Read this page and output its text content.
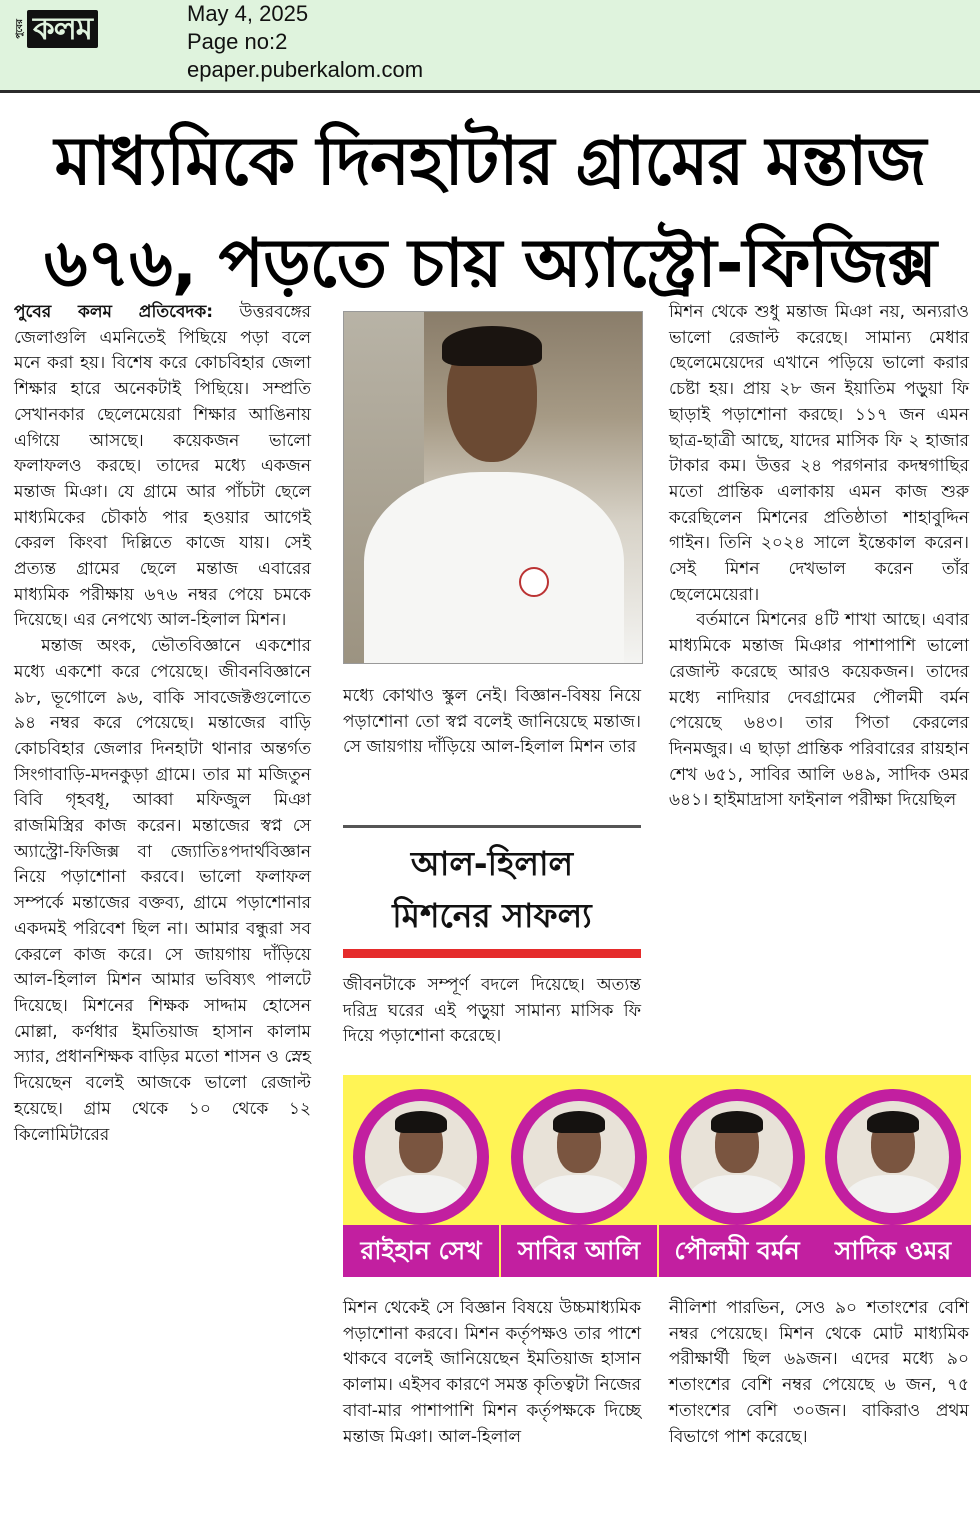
পুবের কলম	May 4, 2025
Page no:2
epaper.puberkalom.com
মাধ্যমিকে দিনহাটার গ্রামের মন্তাজ
৬৭৬, পড়তে চায় অ্যাস্ট্রো-ফিজিক্স

পুবের কলম প্রতিবেদক: উত্তরবঙ্গের জেলাগুলি এমনিতেই পিছিয়ে পড়া বলে মনে করা হয়। বিশেষ করে কোচবিহার জেলা শিক্ষার হারে অনেকটাই পিছিয়ে। সম্প্রতি সেখানকার ছেলেমেয়েরা শিক্ষার আঙিনায় এগিয়ে আসছে। কয়েকজন ভালো ফলাফলও করছে। তাদের মধ্যে একজন মন্তাজ মিঞা। যে গ্রামে আর পাঁচটা ছেলে মাধ্যমিকের চৌকাঠ পার হওয়ার আগেই কেরল কিংবা দিল্লিতে কাজে যায়। সেই প্রত্যন্ত গ্রামের ছেলে মন্তাজ এবারের মাধ্যমিক পরীক্ষায় ৬৭৬ নম্বর পেয়ে চমকে দিয়েছে। এর নেপথ্যে আল-হিলাল মিশন।

মন্তাজ অংক, ভৌতবিজ্ঞানে একশোর মধ্যে একশো করে পেয়েছে। জীবনবিজ্ঞানে ৯৮, ভূগোলে ৯৬, বাকি সাবজেক্টগুলোতে ৯৪ নম্বর করে পেয়েছে। মন্তাজের বাড়ি কোচবিহার জেলার দিনহাটা থানার অন্তর্গত সিংগাবাড়ি-মদনকুড়া গ্রামে। তার মা মজিতুন বিবি গৃহবধূ, আব্বা মফিজুল মিঞা রাজমিস্ত্রির কাজ করেন। মন্তাজের স্বপ্ন সে অ্যাস্ট্রো-ফিজিক্স বা জ্যোতিঃপদার্থবিজ্ঞান নিয়ে পড়াশোনা করবে। ভালো ফলাফল সম্পর্কে মন্তাজের বক্তব্য, গ্রামে পড়াশোনার একদমই পরিবেশ ছিল না। আমার বন্ধুরা সব কেরলে কাজ করে। সে জায়গায় দাঁড়িয়ে আল-হিলাল মিশন আমার ভবিষ্যৎ পালটে দিয়েছে। মিশনের শিক্ষক সাদ্দাম হোসেন মোল্লা, কর্ণধার ইমতিয়াজ হাসান কালাম স্যার, প্রধানশিক্ষক বাড়ির মতো শাসন ও স্নেহ দিয়েছেন বলেই আজকে ভালো রেজাল্ট হয়েছে। গ্রাম থেকে ১০ থেকে ১২ কিলোমিটারের

মধ্যে কোথাও স্কুল নেই। বিজ্ঞান-বিষয় নিয়ে পড়াশোনা তো স্বপ্ন বলেই জানিয়েছে মন্তাজ। সে জায়গায় দাঁড়িয়ে আল-হিলাল মিশন তার

আল-হিলাল
মিশনের সাফল্য

জীবনটাকে সম্পূর্ণ বদলে দিয়েছে। অত্যন্ত দরিদ্র ঘরের এই পড়ুয়া সামান্য মাসিক ফি দিয়ে পড়াশোনা করেছে।

মিশন থেকে শুধু মন্তাজ মিঞা নয়, অন্যরাও ভালো রেজাল্ট করেছে। সামান্য মেধার ছেলেমেয়েদের এখানে পড়িয়ে ভালো করার চেষ্টা হয়। প্রায় ২৮ জন ইয়াতিম পড়ুয়া ফি ছাড়াই পড়াশোনা করছে। ১১৭ জন এমন ছাত্র-ছাত্রী আছে, যাদের মাসিক ফি ২ হাজার টাকার কম। উত্তর ২৪ পরগনার কদম্বগাছির মতো প্রান্তিক এলাকায় এমন কাজ শুরু করেছিলেন মিশনের প্রতিষ্ঠাতা শাহাবুদ্দিন গাইন। তিনি ২০২৪ সালে ইন্তেকাল করেন। সেই মিশন দেখভাল করেন তাঁর ছেলেমেয়েরা।

বর্তমানে মিশনের ৪টি শাখা আছে। এবার মাধ্যমিকে মন্তাজ মিঞার পাশাপাশি ভালো রেজাল্ট করেছে আরও কয়েকজন। তাদের মধ্যে নাদিয়ার দেবগ্রামের পৌলমী বর্মন পেয়েছে ৬৪৩। তার পিতা কেরলের দিনমজুর। এ ছাড়া প্রান্তিক পরিবারের রায়হান শেখ ৬৫১, সাবির আলি ৬৪৯, সাদিক ওমর ৬৪১। হাইমাদ্রাসা ফাইনাল পরীক্ষা দিয়েছিল

রাইহান সেখ	সাবির আলি	পৌলমী বর্মন	সাদিক ওমর

মিশন থেকেই সে বিজ্ঞান বিষয়ে উচ্চমাধ্যমিক পড়াশোনা করবে। মিশন কর্তৃপক্ষও তার পাশে থাকবে বলেই জানিয়েছেন ইমতিয়াজ হাসান কালাম। এইসব কারণে সমস্ত কৃতিত্বটা নিজের বাবা-মার পাশাপাশি মিশন কর্তৃপক্ষকে দিচ্ছে মন্তাজ মিঞা। আল-হিলাল

নীলিশা পারভিন, সেও ৯০ শতাংশের বেশি নম্বর পেয়েছে। মিশন থেকে মোট মাধ্যমিক পরীক্ষার্থী ছিল ৬৯জন। এদের মধ্যে ৯০ শতাংশের বেশি নম্বর পেয়েছে ৬ জন, ৭৫ শতাংশের বেশি ৩০জন। বাকিরাও প্রথম বিভাগে পাশ করেছে।
